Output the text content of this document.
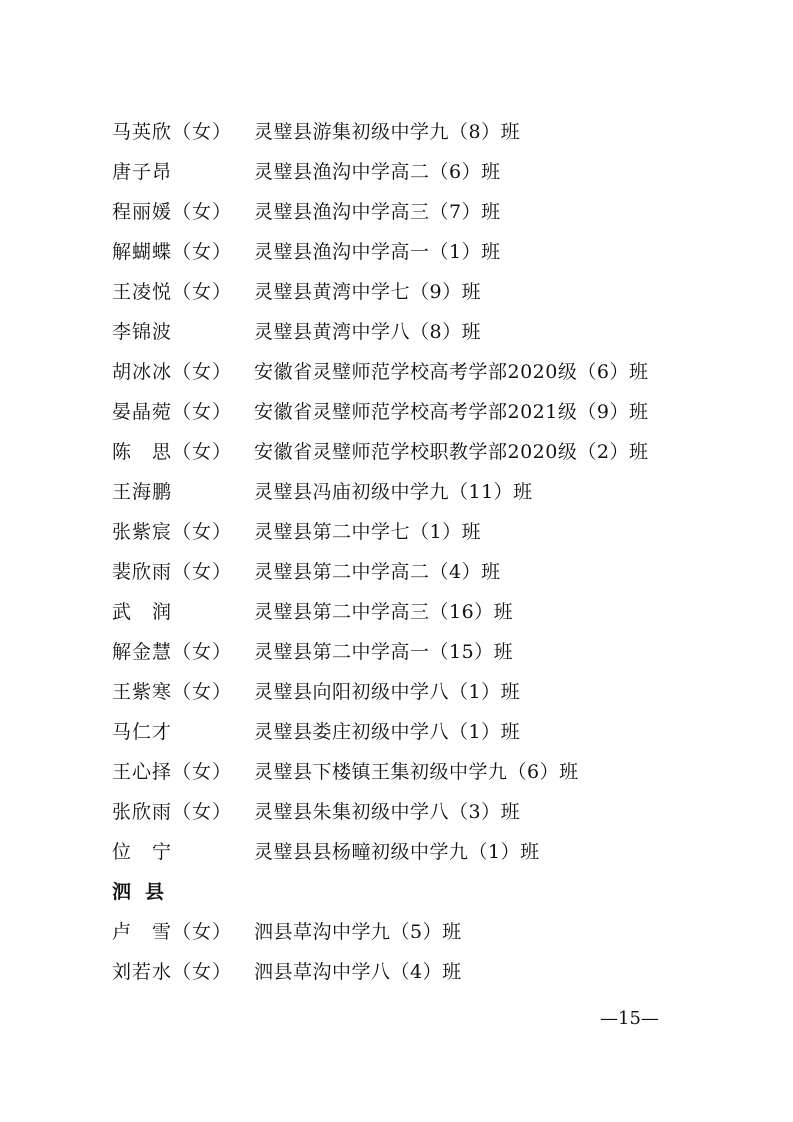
马英欣（女） 灵璧县游集初级中学九（8）班
唐子昂	灵璧县渔沟中学高二（6）班
程丽媛（女） 灵璧县渔沟中学高三（7）班
解蝴蝶（女） 灵璧县渔沟中学高一（1）班
王凌悦（女） 灵璧县黄湾中学七（9）班
李锦波	灵璧县黄湾中学八（8）班
胡冰冰（女） 安徽省灵璧师范学校高考学部2020级（6）班
晏晶菀（女） 安徽省灵璧师范学校高考学部2021级（9）班
陈　思（女） 安徽省灵璧师范学校职教学部2020级（2）班
王海鹏	灵璧县冯庙初级中学九（11）班
张紫宸（女） 灵璧县第二中学七（1）班
裴欣雨（女） 灵璧县第二中学高二（4）班
武　润	灵璧县第二中学高三（16）班
解金慧（女） 灵璧县第二中学高一（15）班
王紫寒（女） 灵璧县向阳初级中学八（1）班
马仁才	灵璧县娄庄初级中学八（1）班
王心择（女） 灵璧县下楼镇王集初级中学九（6）班
张欣雨（女） 灵璧县朱集初级中学八（3）班
位　宁	灵璧县县杨疃初级中学九（1）班
泗县
卢　雪（女） 泗县草沟中学九（5）班
刘若水（女） 泗县草沟中学八（4）班
—15—
